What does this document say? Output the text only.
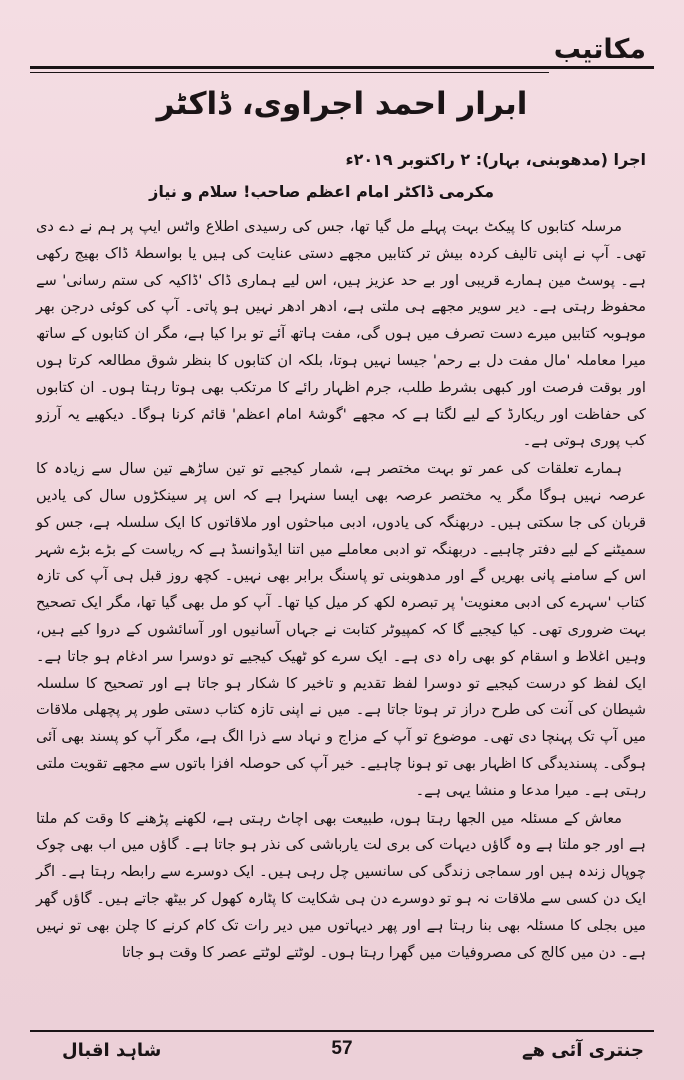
مکاتیب
ابرار احمد اجراوی، ڈاکٹر
اجرا (مدھوبنی، بہار): ۲ راکتوبر ۲۰۱۹ء
مکرمی ڈاکٹر امام اعظم صاحب! سلام و نیاز

مرسلہ کتابوں کا پیکٹ بہت پہلے مل گیا تھا، جس کی رسیدی اطلاع واٹس ایپ پر ہم نے دے دی تھی۔ آپ نے اپنی تالیف کردہ بیش تر کتابیں مجھے دستی عنایت کی ہیں یا بواسطۂ ڈاک بھیج رکھی ہے۔ پوسٹ مین ہمارے قریبی اور بے حد عزیز ہیں، اس لیے ہماری ڈاک 'ڈاکیہ کی ستم رسانی' سے محفوظ رہتی ہے۔ دیر سویر مجھے ہی ملتی ہے، ادھر ادھر نہیں ہو پاتی۔ آپ کی کوئی درجن بھر موہوبہ کتابیں میرے دست تصرف میں ہوں گی، مفت ہاتھ آئے تو برا کیا ہے، مگر ان کتابوں کے ساتھ میرا معاملہ 'مال مفت دل بے رحم' جیسا نہیں ہوتا، بلکہ ان کتابوں کا بنظر شوق مطالعہ کرتا ہوں اور بوقت فرصت اور کبھی بشرط طلب، جرم اظہار رائے کا مرتکب بھی ہوتا رہتا ہوں۔ ان کتابوں کی حفاظت اور ریکارڈ کے لیے لگتا ہے کہ مجھے 'گوشۂ امام اعظم' قائم کرنا ہوگا۔ دیکھیے یہ آرزو کب پوری ہوتی ہے۔

ہمارے تعلقات کی عمر تو بہت مختصر ہے، شمار کیجیے تو تین ساڑھے تین سال سے زیادہ کا عرصہ نہیں ہوگا مگر یہ مختصر عرصہ بھی ایسا سنہرا ہے کہ اس پر سینکڑوں سال کی یادیں قربان کی جا سکتی ہیں۔ دربھنگہ کی یادوں، ادبی مباحثوں اور ملاقاتوں کا ایک سلسلہ ہے، جس کو سمیٹنے کے لیے دفتر چاہیے۔ دربھنگہ تو ادبی معاملے میں اتنا ایڈوانسڈ ہے کہ ریاست کے بڑے بڑے شہر اس کے سامنے پانی بھریں گے اور مدھوبنی تو پاسنگ برابر بھی نہیں۔ کچھ روز قبل ہی آپ کی تازہ کتاب 'سہرے کی ادبی معنویت' پر تبصرہ لکھ کر میل کیا تھا۔ آپ کو مل بھی گیا تھا، مگر ایک تصحیح بہت ضروری تھی۔ کیا کیجیے گا کہ کمپیوٹر کتابت نے جہاں آسانیوں اور آسائشوں کے دروا کیے ہیں، وہیں اغلاط و اسقام کو بھی راہ دی ہے۔ ایک سرے کو ٹھیک کیجیے تو دوسرا سر ادغام ہو جاتا ہے۔ ایک لفظ کو درست کیجیے تو دوسرا لفظ تقدیم و تاخیر کا شکار ہو جاتا ہے اور تصحیح کا سلسلہ شیطان کی آنت کی طرح دراز تر ہوتا جاتا ہے۔ میں نے اپنی تازہ کتاب دستی طور پر پچھلی ملاقات میں آپ تک پہنچا دی تھی۔ موضوع تو آپ کے مزاج و نہاد سے ذرا الگ ہے، مگر آپ کو پسند بھی آئی ہوگی۔ پسندیدگی کا اظہار بھی تو ہونا چاہیے۔ خیر آپ کی حوصلہ افزا باتوں سے مجھے تقویت ملتی رہتی ہے۔ میرا مدعا و منشا یہی ہے۔

معاش کے مسئلہ میں الجھا رہتا ہوں، طبیعت بھی اچاٹ رہتی ہے، لکھنے پڑھنے کا وقت کم ملتا ہے اور جو ملتا ہے وہ گاؤں دیہات کی بری لت یارباشی کی نذر ہو جاتا ہے۔ گاؤں میں اب بھی چوک چوپال زندہ ہیں اور سماجی زندگی کی سانسیں چل رہی ہیں۔ ایک دوسرے سے رابطہ رہتا ہے۔ اگر ایک دن کسی سے ملاقات نہ ہو تو دوسرے دن ہی شکایت کا پٹارہ کھول کر بیٹھ جاتے ہیں۔ گاؤں گھر میں بجلی کا مسئلہ بھی بنا رہتا ہے اور پھر دیہاتوں میں دیر رات تک کام کرنے کا چلن بھی تو نہیں ہے۔ دن میں کالج کی مصروفیات میں گھرا رہتا ہوں۔ لوٹتے لوٹتے عصر کا وقت ہو جاتا

شاہد اقبال	57	جنتری آئی ھے
